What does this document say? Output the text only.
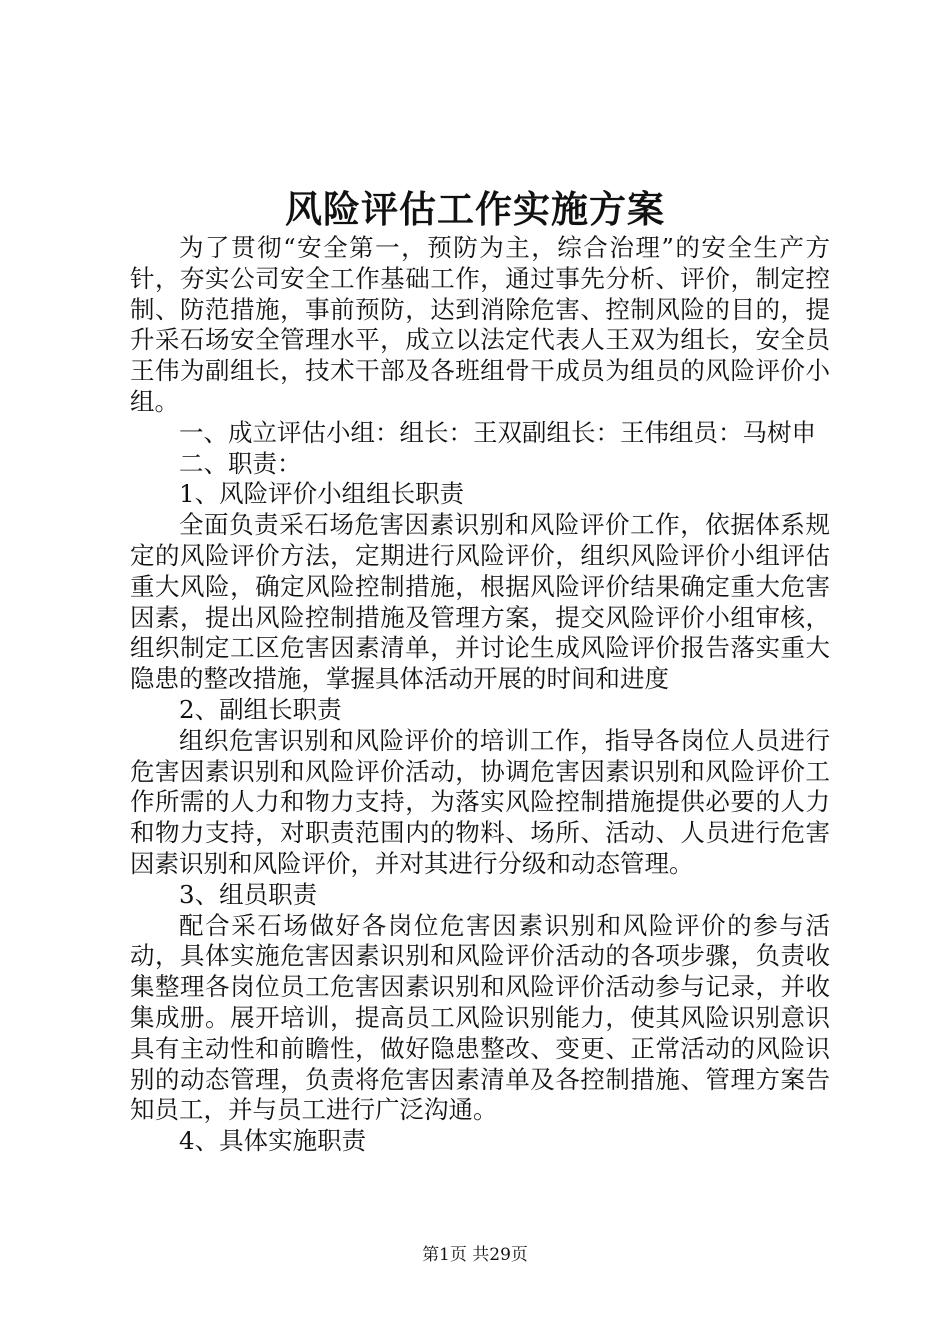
风险评估工作实施方案

为了贯彻“安全第一，预防为主，综合治理”的安全生产方针，夯实公司安全工作基础工作，通过事先分析、评价，制定控制、防范措施，事前预防，达到消除危害、控制风险的目的，提升采石场安全管理水平，成立以法定代表人王双为组长，安全员王伟为副组长，技术干部及各班组骨干成员为组员的风险评价小组。

一、成立评估小组：组长：王双副组长：王伟组员：马树申

二、职责：

1、风险评价小组组长职责

全面负责采石场危害因素识别和风险评价工作，依据体系规定的风险评价方法，定期进行风险评价，组织风险评价小组评估重大风险，确定风险控制措施，根据风险评价结果确定重大危害因素，提出风险控制措施及管理方案，提交风险评价小组审核，组织制定工区危害因素清单，并讨论生成风险评价报告落实重大隐患的整改措施，掌握具体活动开展的时间和进度

2、副组长职责

组织危害识别和风险评价的培训工作，指导各岗位人员进行危害因素识别和风险评价活动，协调危害因素识别和风险评价工作所需的人力和物力支持，为落实风险控制措施提供必要的人力和物力支持，对职责范围内的物料、场所、活动、人员进行危害因素识别和风险评价，并对其进行分级和动态管理。

3、组员职责

配合采石场做好各岗位危害因素识别和风险评价的参与活动，具体实施危害因素识别和风险评价活动的各项步骤，负责收集整理各岗位员工危害因素识别和风险评价活动参与记录，并收集成册。展开培训，提高员工风险识别能力，使其风险识别意识具有主动性和前瞻性，做好隐患整改、变更、正常活动的风险识别的动态管理，负责将危害因素清单及各控制措施、管理方案告知员工，并与员工进行广泛沟通。

4、具体实施职责

第1页 共29页
